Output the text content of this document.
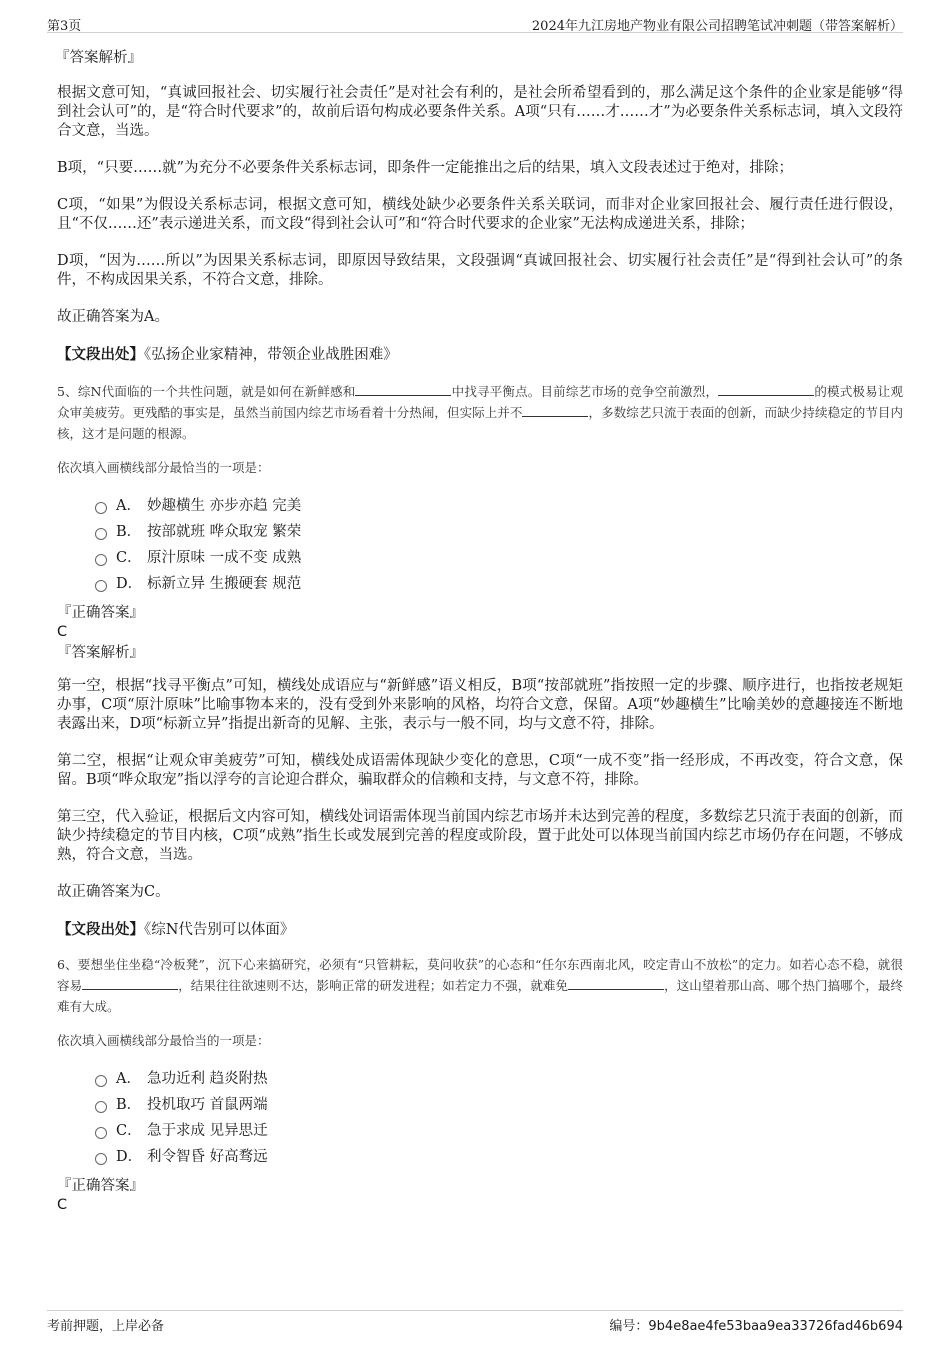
第3页	2024年九江房地产物业有限公司招聘笔试冲刺题（带答案解析）
『答案解析』

根据文意可知，“真诚回报社会、切实履行社会责任”是对社会有利的，是社会所希望看到的，那么满足这个条件的企业家是能够“得到社会认可”的，是“符合时代要求”的，故前后语句构成必要条件关系。A项“只有……才……才”为必要条件关系标志词，填入文段符合文意，当选。

B项，“只要……就”为充分不必要条件关系标志词，即条件一定能推出之后的结果，填入文段表述过于绝对，排除；

C项，“如果”为假设关系标志词，根据文意可知，横线处缺少必要条件关系关联词，而非对企业家回报社会、履行责任进行假设，且“不仅……还”表示递进关系，而文段“得到社会认可”和“符合时代要求的企业家”无法构成递进关系，排除；

D项，“因为……所以”为因果关系标志词，即原因导致结果，文段强调“真诚回报社会、切实履行社会责任”是“得到社会认可”的条件，不构成因果关系，不符合文意，排除。

故正确答案为A。

【文段出处】《弘扬企业家精神，带领企业战胜困难》

5、综N代面临的一个共性问题，就是如何在新鲜感和	中找寻平衡点。目前综艺市场的竞争空前激烈，	的模式极易让观众审美疲劳。更残酷的事实是，虽然当前国内综艺市场看着十分热闹，但实际上并不	，多数综艺只流于表面的创新，而缺少持续稳定的节目内核，这才是问题的根源。

依次填入画横线部分最恰当的一项是：
A． 妙趣横生 亦步亦趋 完美
B． 按部就班 哗众取宠 繁荣
C． 原汁原味 一成不变 成熟
D． 标新立异 生搬硬套 规范
『正确答案』
C
『答案解析』

第一空，根据“找寻平衡点”可知，横线处成语应与“新鲜感”语义相反，B项“按部就班”指按照一定的步骤、顺序进行，也指按老规矩办事，C项“原汁原味”比喻事物本来的，没有受到外来影响的风格，均符合文意，保留。A项“妙趣横生”比喻美妙的意趣接连不断地表露出来，D项“标新立异”指提出新奇的见解、主张，表示与一般不同，均与文意不符，排除。

第二空，根据“让观众审美疲劳”可知，横线处成语需体现缺少变化的意思，C项“一成不变”指一经形成，不再改变，符合文意，保留。B项“哗众取宠”指以浮夸的言论迎合群众，骗取群众的信赖和支持，与文意不符，排除。

第三空，代入验证，根据后文内容可知，横线处词语需体现当前国内综艺市场并未达到完善的程度，多数综艺只流于表面的创新，而缺少持续稳定的节目内核，C项“成熟”指生长或发展到完善的程度或阶段，置于此处可以体现当前国内综艺市场仍存在问题，不够成熟，符合文意，当选。

故正确答案为C。

【文段出处】《综N代告别可以体面》

6、要想坐住坐稳“冷板凳”，沉下心来搞研究，必须有“只管耕耘，莫问收获”的心态和“任尔东西南北风，咬定青山不放松”的定力。如若心态不稳，就很容易	，结果往往欲速则不达，影响正常的研发进程；如若定力不强，就难免	，这山望着那山高、哪个热门搞哪个，最终难有大成。

依次填入画横线部分最恰当的一项是：
A． 急功近利 趋炎附热
B． 投机取巧 首鼠两端
C． 急于求成 见异思迁
D． 利令智昏 好高骛远
『正确答案』
C
考前押题，上岸必备	编号：9b4e8ae4fe53baa9ea33726fad46b694
